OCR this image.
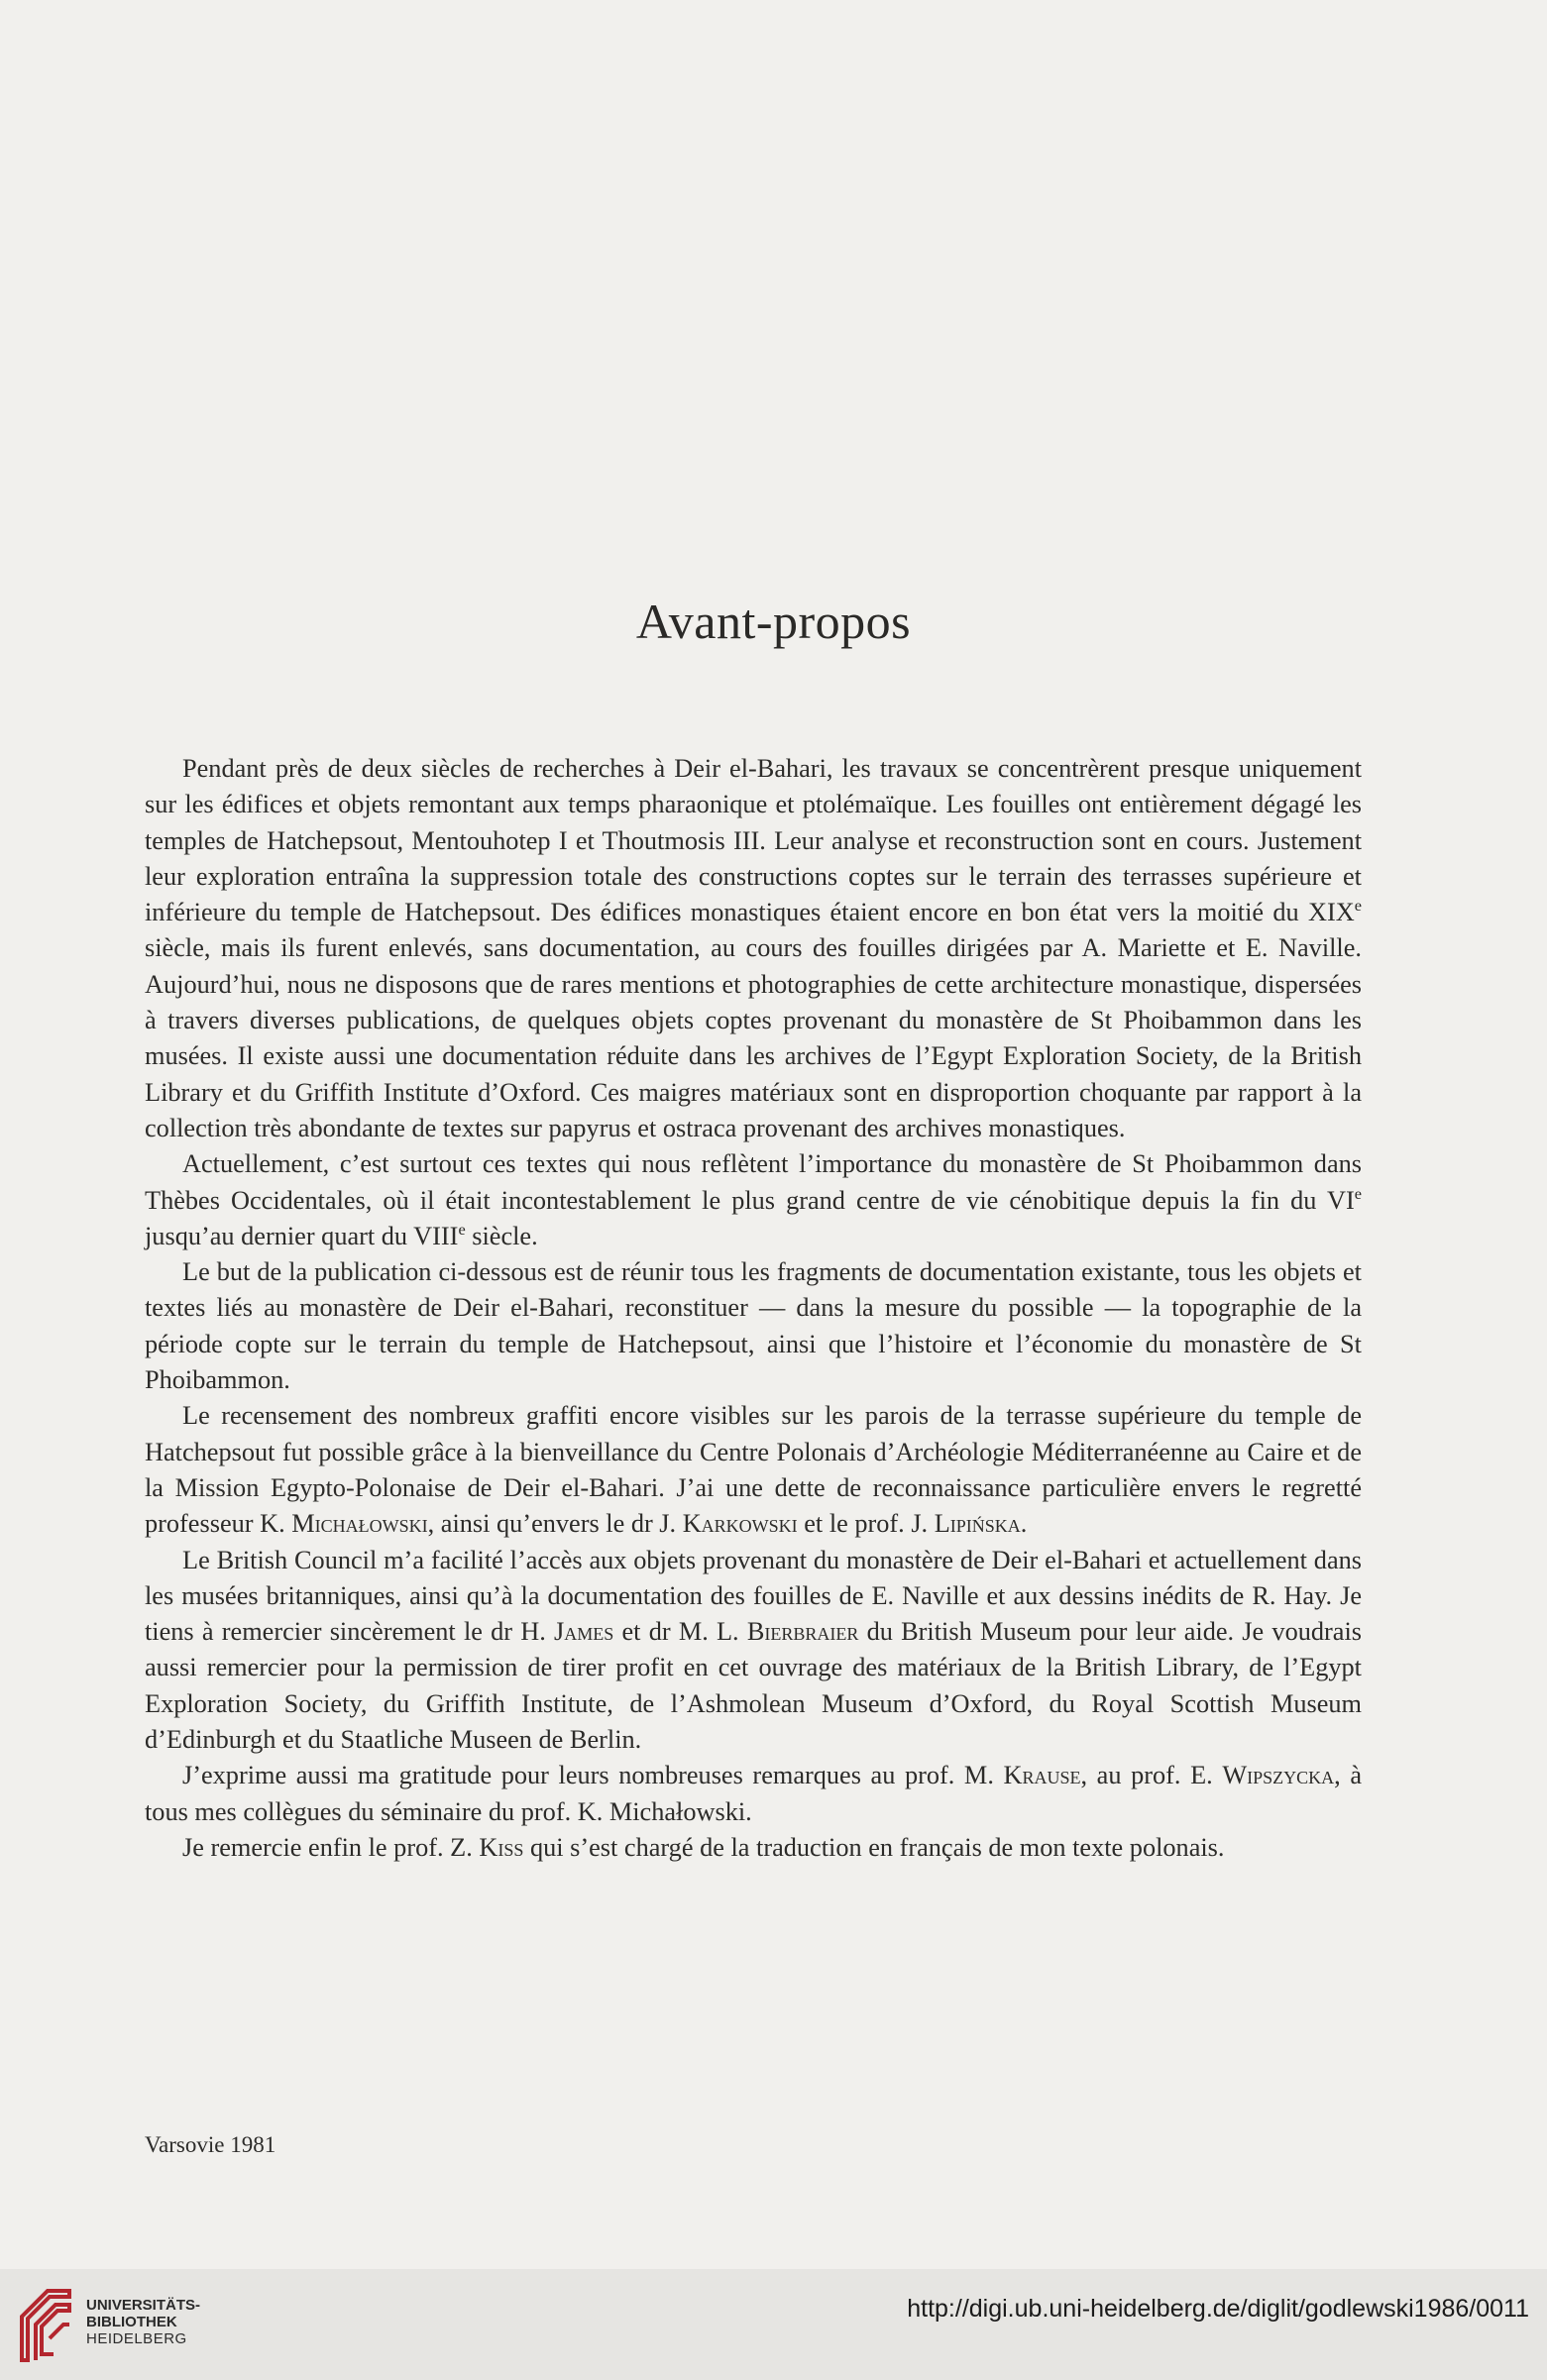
Avant-propos

Pendant près de deux siècles de recherches à Deir el-Bahari, les travaux se concentrèrent presque uniquement sur les édifices et objets remontant aux temps pharaonique et ptolémaïque. Les fouilles ont entièrement dégagé les temples de Hatchepsout, Mentouhotep I et Thoutmosis III. Leur analyse et reconstruction sont en cours. Justement leur exploration entraîna la suppression totale des constructions coptes sur le terrain des terrasses supérieure et inférieure du temple de Hatchepsout. Des édifices monastiques étaient encore en bon état vers la moitié du XIXe siècle, mais ils furent enlevés, sans documentation, au cours des fouilles dirigées par A. Mariette et E. Naville. Aujourd’hui, nous ne disposons que de rares mentions et photographies de cette architecture monastique, dispersées à travers diverses publications, de quelques objets coptes provenant du monastère de St Phoibammon dans les musées. Il existe aussi une documentation réduite dans les archives de l’Egypt Exploration Society, de la British Library et du Griffith Institute d’Oxford. Ces maigres matériaux sont en disproportion choquante par rapport à la collection très abondante de textes sur papyrus et ostraca provenant des archives monastiques.

Actuellement, c’est surtout ces textes qui nous reflètent l’importance du monastère de St Phoibammon dans Thèbes Occidentales, où il était incontestablement le plus grand centre de vie cénobitique depuis la fin du VIe jusqu’au dernier quart du VIIIe siècle.

Le but de la publication ci-dessous est de réunir tous les fragments de documentation existante, tous les objets et textes liés au monastère de Deir el-Bahari, reconstituer — dans la mesure du possible — la topographie de la période copte sur le terrain du temple de Hatchepsout, ainsi que l’histoire et l’économie du monastère de St Phoibammon.

Le recensement des nombreux graffiti encore visibles sur les parois de la terrasse supérieure du temple de Hatchepsout fut possible grâce à la bienveillance du Centre Polonais d’Archéologie Méditerranéenne au Caire et de la Mission Egypto-Polonaise de Deir el-Bahari. J’ai une dette de reconnaissance particulière envers le regretté professeur K. Michałowski, ainsi qu’envers le dr J. Karkowski et le prof. J. Lipińska.

Le British Council m’a facilité l’accès aux objets provenant du monastère de Deir el-Bahari et actuellement dans les musées britanniques, ainsi qu’à la documentation des fouilles de E. Naville et aux dessins inédits de R. Hay. Je tiens à remercier sincèrement le dr H. James et dr M. L. Bierbraier du British Museum pour leur aide. Je voudrais aussi remercier pour la permission de tirer profit en cet ouvrage des matériaux de la British Library, de l’Egypt Exploration Society, du Griffith Institute, de l’Ashmolean Museum d’Oxford, du Royal Scottish Museum d’Edinburgh et du Staatliche Museen de Berlin.

J’exprime aussi ma gratitude pour leurs nombreuses remarques au prof. M. Krause, au prof. E. Wipszycka, à tous mes collègues du séminaire du prof. K. Michałowski.

Je remercie enfin le prof. Z. Kiss qui s’est chargé de la traduction en français de mon texte polonais.

Varsovie 1981
UNIVERSITÄTS-
BIBLIOTHEK
HEIDELBERG
http://digi.ub.uni-heidelberg.de/diglit/godlewski1986/0011
